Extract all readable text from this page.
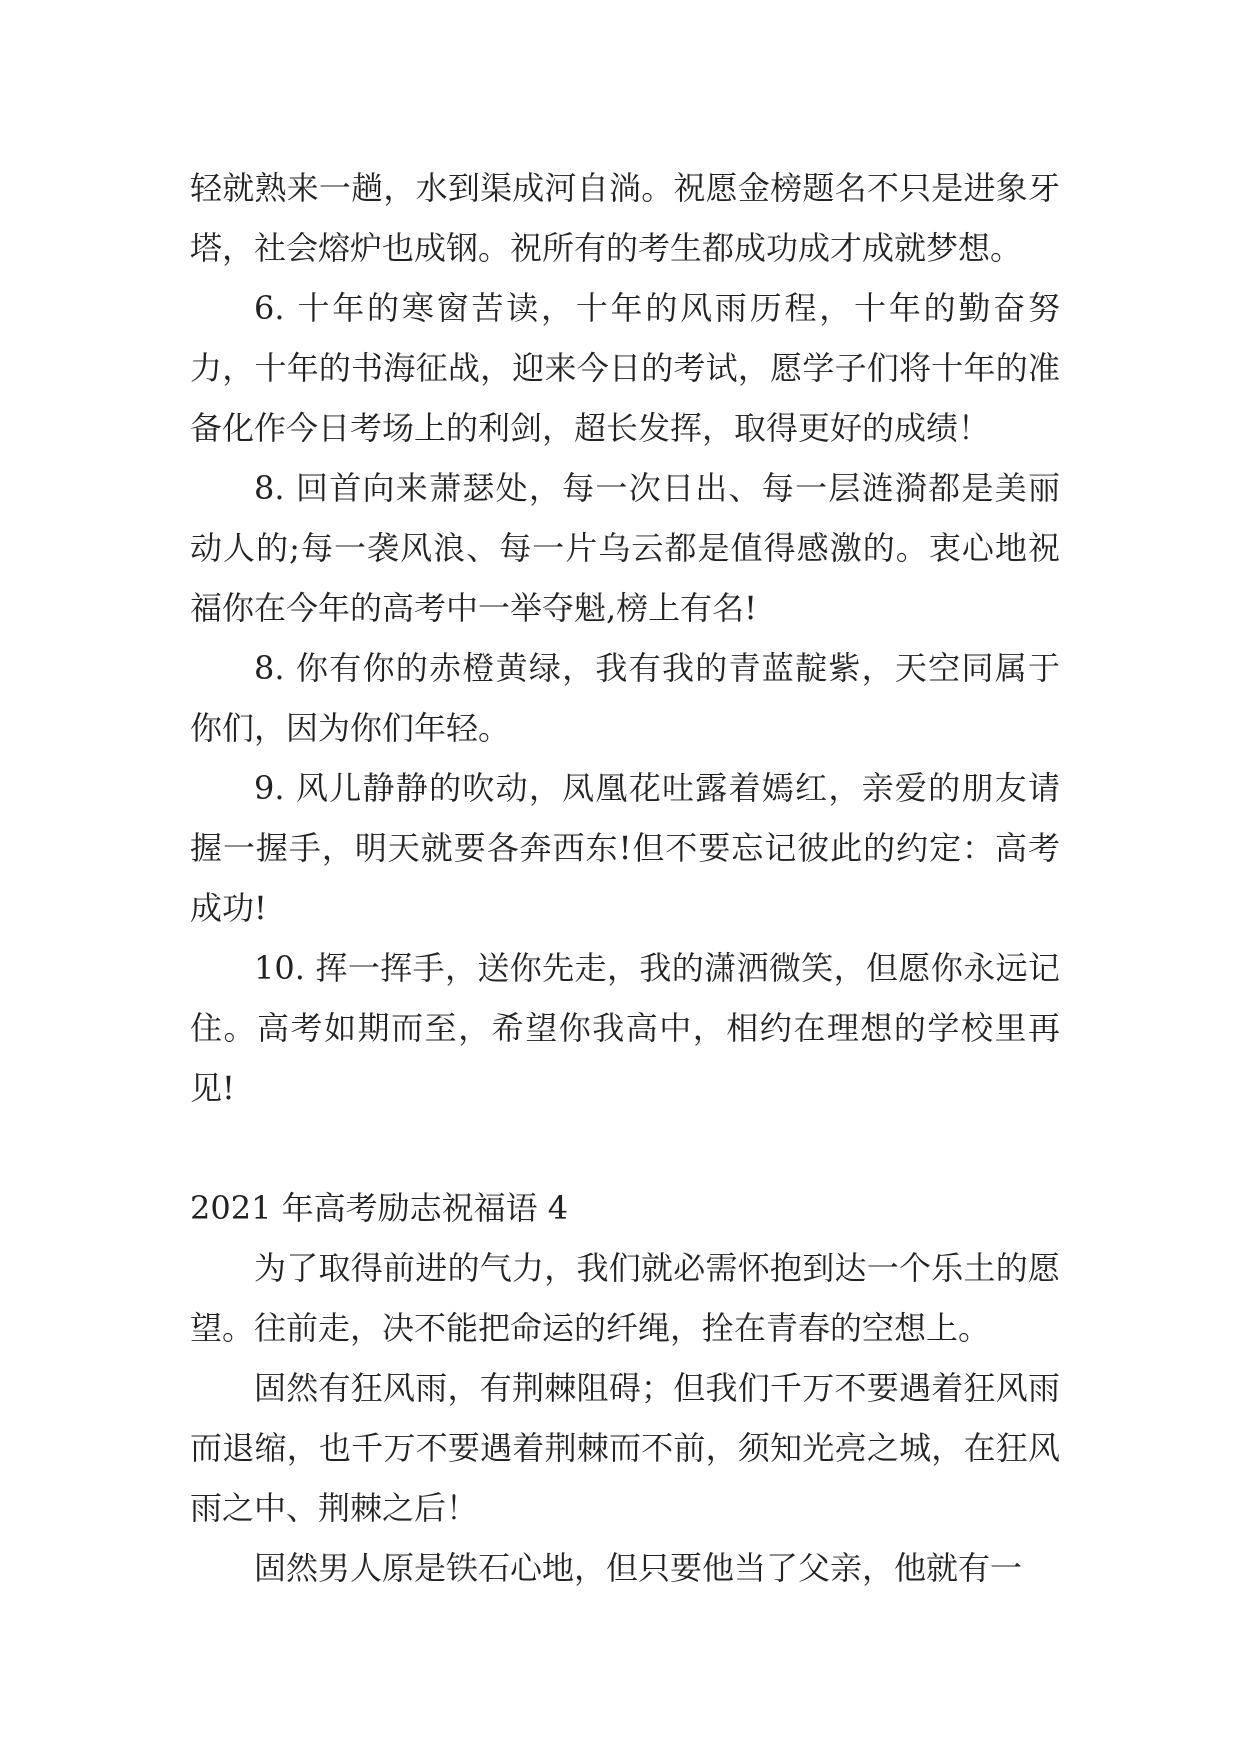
轻就熟来一趟，水到渠成河自淌。祝愿金榜题名不只是进象牙塔，社会熔炉也成钢。祝所有的考生都成功成才成就梦想。

6. 十年的寒窗苦读，十年的风雨历程，十年的勤奋努力，十年的书海征战，迎来今日的考试，愿学子们将十年的准备化作今日考场上的利剑，超长发挥，取得更好的成绩！

8. 回首向来萧瑟处，每一次日出、每一层涟漪都是美丽动人的;每一袭风浪、每一片乌云都是值得感激的。衷心地祝福你在今年的高考中一举夺魁,榜上有名!

8. 你有你的赤橙黄绿，我有我的青蓝靛紫，天空同属于你们，因为你们年轻。

9. 风儿静静的吹动，凤凰花吐露着嫣红，亲爱的朋友请握一握手，明天就要各奔西东!但不要忘记彼此的约定：高考成功!

10. 挥一挥手，送你先走，我的潇洒微笑，但愿你永远记住。高考如期而至，希望你我高中，相约在理想的学校里再见!

2021 年高考励志祝福语 4

为了取得前进的气力，我们就必需怀抱到达一个乐土的愿望。往前走，决不能把命运的纤绳，拴在青春的空想上。

固然有狂风雨，有荆棘阻碍；但我们千万不要遇着狂风雨而退缩，也千万不要遇着荆棘而不前，须知光亮之城，在狂风雨之中、荆棘之后！

固然男人原是铁石心地，但只要他当了父亲，他就有一
